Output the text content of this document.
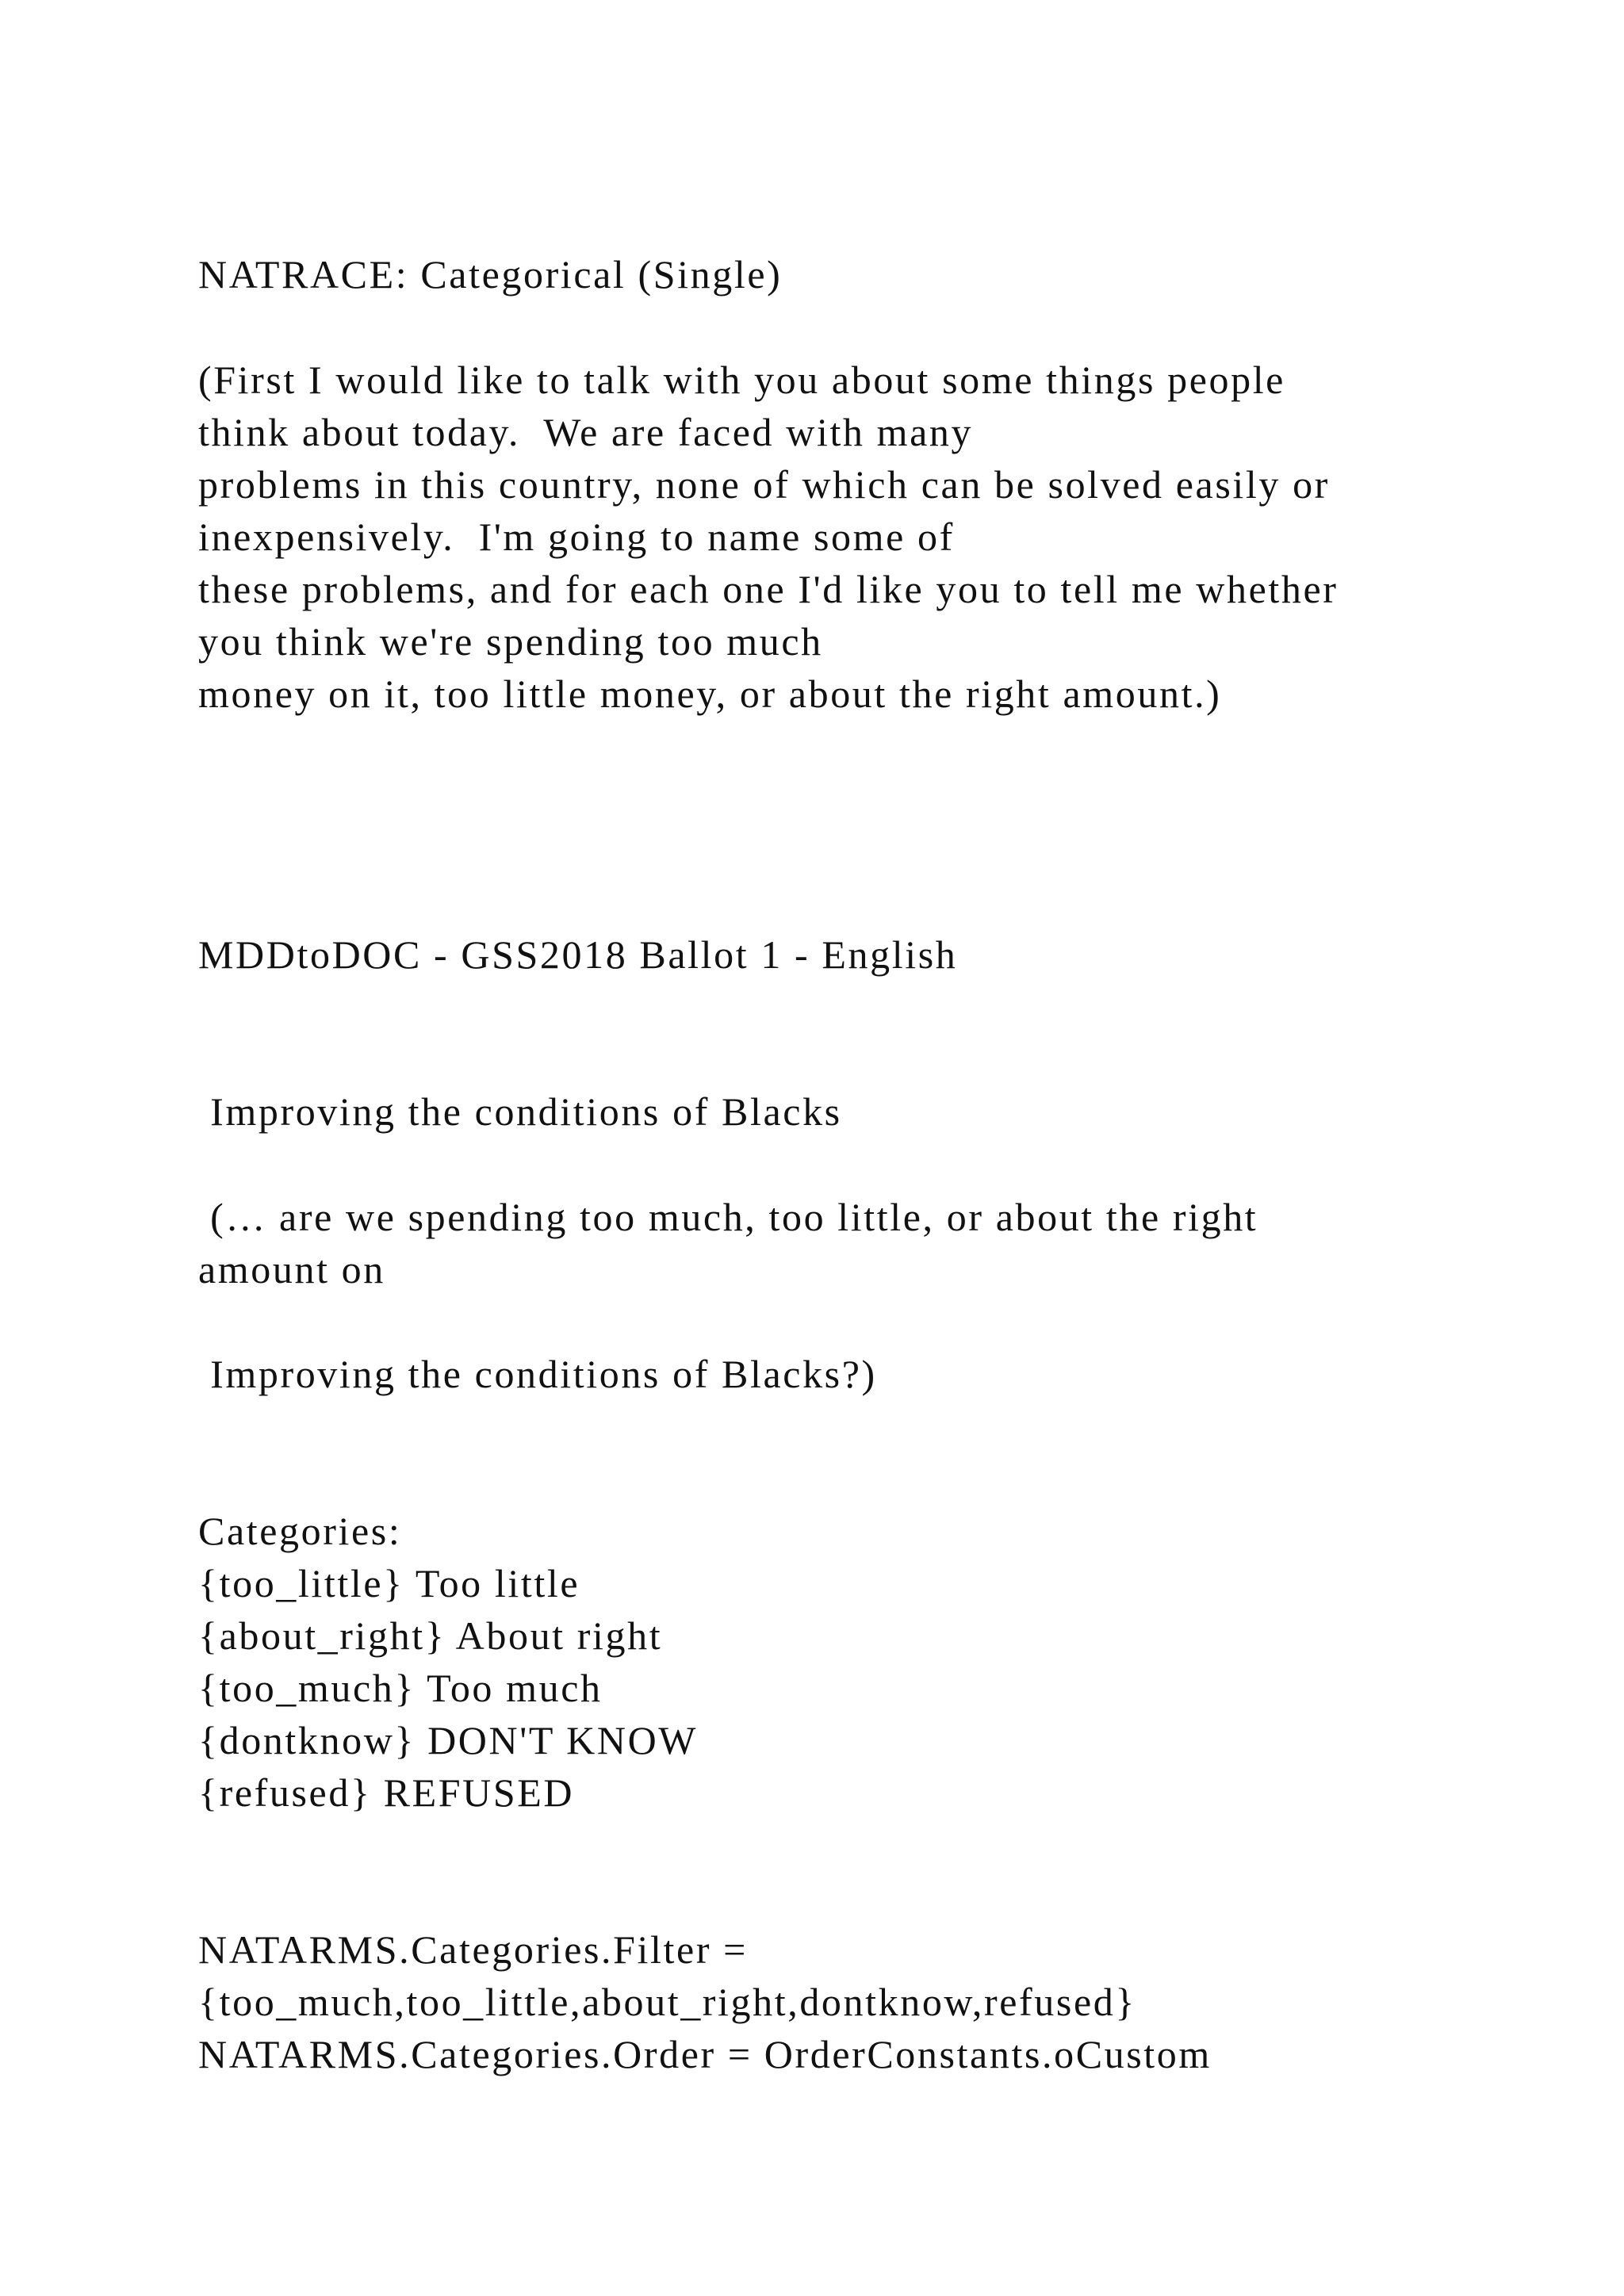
NATRACE: Categorical (Single)

(First I would like to talk with you about some things people

think about today.  We are faced with many

problems in this country, none of which can be solved easily or

inexpensively.  I'm going to name some of

these problems, and for each one I'd like you to tell me whether

you think we're spending too much

money on it, too little money, or about the right amount.)

MDDtoDOC - GSS2018 Ballot 1 - English

Improving the conditions of Blacks

(… are we spending too much, too little, or about the right

amount on

Improving the conditions of Blacks?)

Categories:

{too_little} Too little

{about_right} About right

{too_much} Too much

{dontknow} DON'T KNOW

{refused} REFUSED

NATARMS.Categories.Filter =

{too_much,too_little,about_right,dontknow,refused}

NATARMS.Categories.Order = OrderConstants.oCustom
